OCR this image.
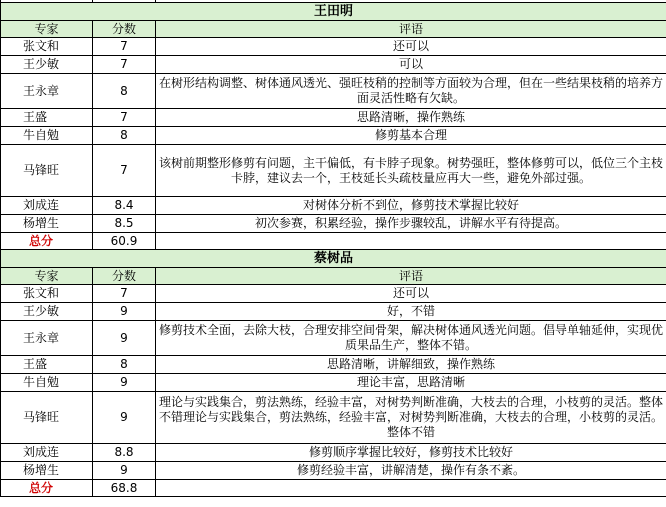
王田明		
专家	分数	评语
张文和	7	还可以
王少敏	7	可以
王永章	8	在树形结构调整、树体通风透光、强旺枝稍的控制等方面较为合理，但在一些结果枝稍的培养方面灵活性略有欠缺。
王盛	7	思路清晰，操作熟练
牛自勉	8	修剪基本合理
马锋旺	7	该树前期整形修剪有问题，主干偏低，有卡脖子现象。树势强旺，整体修剪可以，低位三个主枝卡脖，建议去一个，王枝延长头疏枝量应再大一些，避免外部过强。
刘成连	8.4	对树体分析不到位，修剪技术掌握比较好
杨增生	8.5	初次参赛，积累经验，操作步骤较乱，讲解水平有待提高。
总分	60.9	
蔡树品		
专家	分数	评语
张文和	7	还可以
王少敏	9	好，不错
王永章	9	修剪技术全面，去除大枝，合理安排空间骨架，解决树体通风透光问题。倡导单轴延伸，实现优质果品生产，整体不错。
王盛	8	思路清晰，讲解细致，操作熟练
牛自勉	9	理论丰富，思路清晰
马锋旺	9	理论与实践集合，剪法熟练，经验丰富，对树势判断准确，大枝去的合理，小枝剪的灵活。整体不错理论与实践集合，剪法熟练，经验丰富，对树势判断准确，大枝去的合理，小枝剪的灵活。整体不错
刘成连	8.8	修剪顺序掌握比较好，修剪技术比较好
杨增生	9	修剪经验丰富，讲解清楚，操作有条不紊。
总分	68.8	
